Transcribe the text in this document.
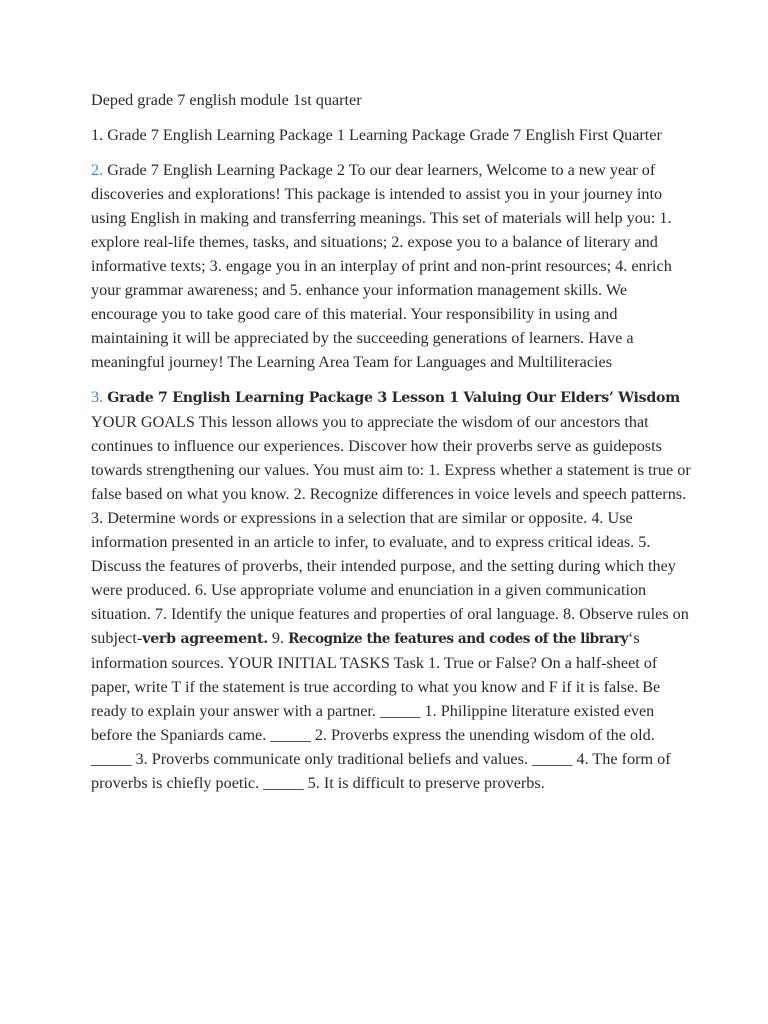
Deped grade 7 english module 1st quarter
1. Grade 7 English Learning Package 1 Learning Package Grade 7 English First Quarter
2. Grade 7 English Learning Package 2 To our dear learners, Welcome to a new year of discoveries and explorations! This package is intended to assist you in your journey into using English in making and transferring meanings. This set of materials will help you: 1. explore real-life themes, tasks, and situations; 2. expose you to a balance of literary and informative texts; 3. engage you in an interplay of print and non-print resources; 4. enrich your grammar awareness; and 5. enhance your information management skills. We encourage you to take good care of this material. Your responsibility in using and maintaining it will be appreciated by the succeeding generations of learners. Have a meaningful journey! The Learning Area Team for Languages and Multiliteracies
3. Grade 7 English Learning Package 3 Lesson 1 Valuing Our Elders’ Wisdom YOUR GOALS This lesson allows you to appreciate the wisdom of our ancestors that continues to influence our experiences. Discover how their proverbs serve as guideposts towards strengthening our values. You must aim to: 1. Express whether a statement is true or false based on what you know. 2. Recognize differences in voice levels and speech patterns. 3. Determine words or expressions in a selection that are similar or opposite. 4. Use information presented in an article to infer, to evaluate, and to express critical ideas. 5. Discuss the features of proverbs, their intended purpose, and the setting during which they were produced. 6. Use appropriate volume and enunciation in a given communication situation. 7. Identify the unique features and properties of oral language. 8. Observe rules on subject-verb agreement. 9. Recognize the features and codes of the library‘s information sources. YOUR INITIAL TASKS Task 1. True or False? On a half-sheet of paper, write T if the statement is true according to what you know and F if it is false. Be ready to explain your answer with a partner. _____ 1. Philippine literature existed even before the Spaniards came. _____ 2. Proverbs express the unending wisdom of the old. _____ 3. Proverbs communicate only traditional beliefs and values. _____ 4. The form of proverbs is chiefly poetic. _____ 5. It is difficult to preserve proverbs.
